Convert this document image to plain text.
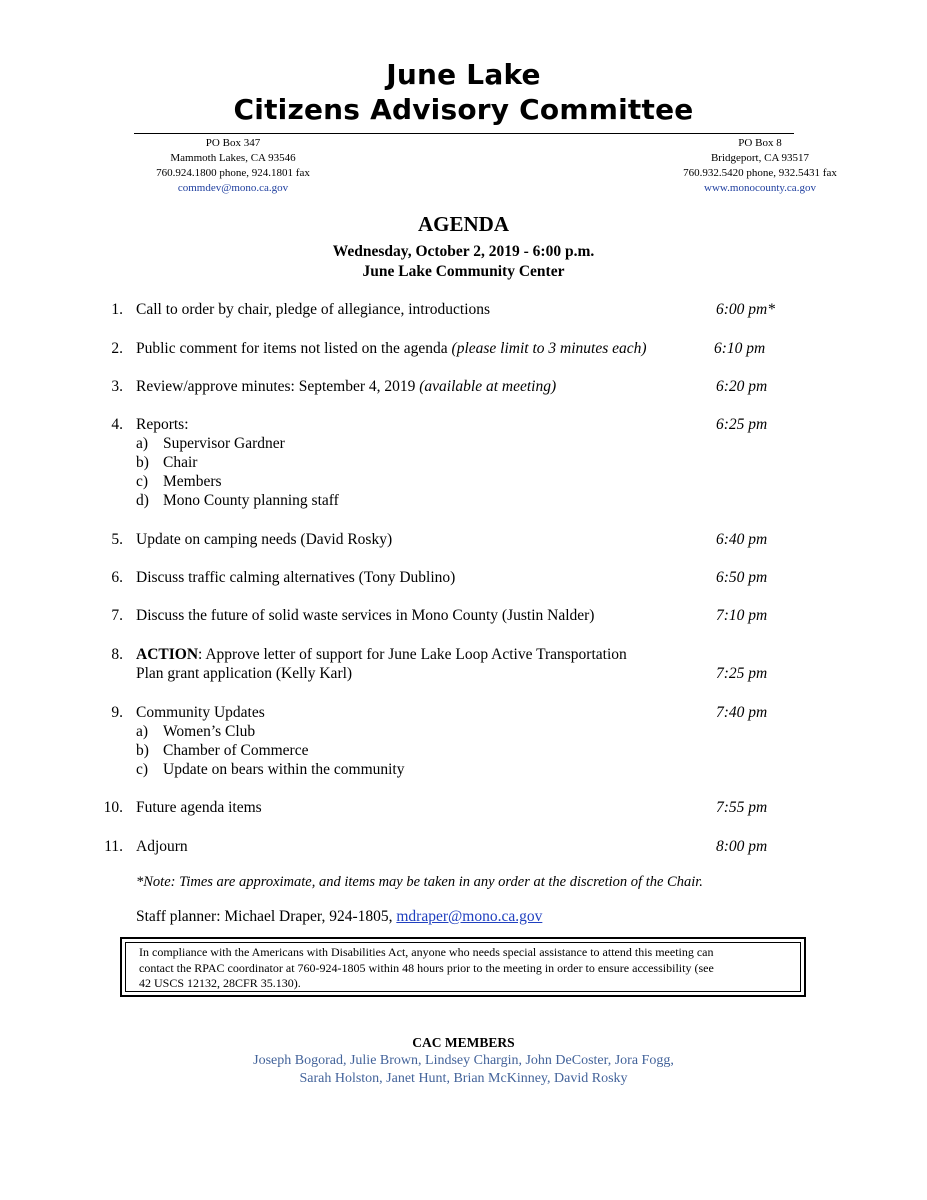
June Lake
Citizens Advisory Committee
PO Box 347
Mammoth Lakes, CA 93546
760.924.1800 phone, 924.1801 fax
commdev@mono.ca.gov
PO Box 8
Bridgeport, CA 93517
760.932.5420 phone, 932.5431 fax
www.monocounty.ca.gov
AGENDA
Wednesday, October 2, 2019 - 6:00 p.m.
June Lake Community Center
1. Call to order by chair, pledge of allegiance, introductions	6:00 pm*
2. Public comment for items not listed on the agenda (please limit to 3 minutes each)	6:10 pm
3. Review/approve minutes: September 4, 2019 (available at meeting)	6:20 pm
4. Reports:	6:25 pm
a) Supervisor Gardner
b) Chair
c) Members
d) Mono County planning staff
5. Update on camping needs (David Rosky)	6:40 pm
6. Discuss traffic calming alternatives (Tony Dublino)	6:50 pm
7. Discuss the future of solid waste services in Mono County (Justin Nalder)	7:10 pm
8. ACTION: Approve letter of support for June Lake Loop Active Transportation
Plan grant application (Kelly Karl)	7:25 pm
9. Community Updates	7:40 pm
a) Women’s Club
b) Chamber of Commerce
c) Update on bears within the community
10. Future agenda items	7:55 pm
11. Adjourn	8:00 pm
*Note: Times are approximate, and items may be taken in any order at the discretion of the Chair.
Staff planner: Michael Draper, 924-1805, mdraper@mono.ca.gov
In compliance with the Americans with Disabilities Act, anyone who needs special assistance to attend this meeting can
contact the RPAC coordinator at 760-924-1805 within 48 hours prior to the meeting in order to ensure accessibility (see
42 USCS 12132, 28CFR 35.130).
CAC MEMBERS
Joseph Bogorad, Julie Brown, Lindsey Chargin, John DeCoster, Jora Fogg,
Sarah Holston, Janet Hunt, Brian McKinney, David Rosky
